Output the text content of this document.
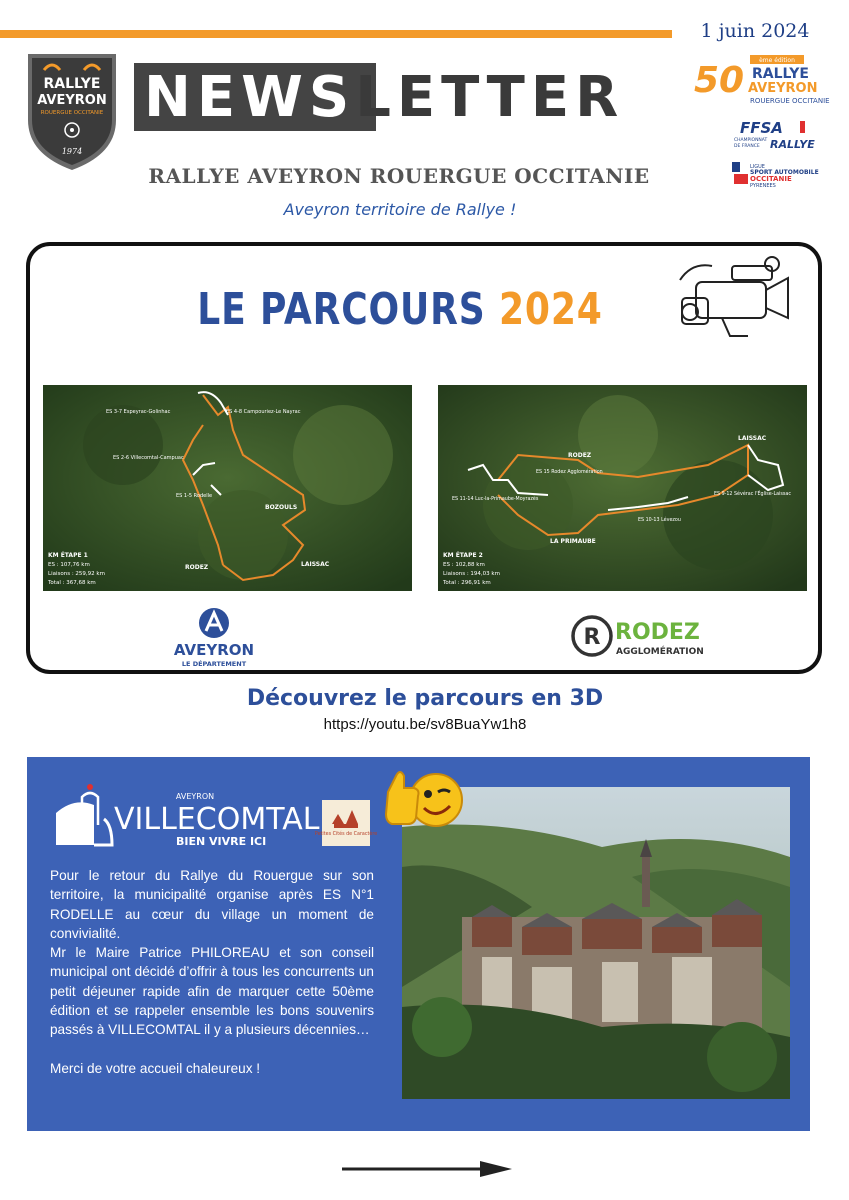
1 juin 2024
RALLYE
AVEYRON
ROUERGUE OCCITANIE
1974
NEWSLETTER
RALLYE AVEYRON ROUERGUE OCCITANIE
Aveyron territoire de Rallye !
50 ème édition
RALLYE
AVEYRON
ROUERGUE OCCITANIE
FFSA
CHAMPIONNAT
DE FRANCE RALLYE
LIGUE
SPORT AUTOMOBILE
OCCITANIE
PYRENEES
LE PARCOURS 2024
ES 3-7 Espeyrac-Golinhac	ES 4-8 Campouriez-Le Nayrac
ES 2-6 Villecomtal-Campuac
ES 1-5 Rodelle
BOZOULS
RODEZ	LAISSAC
KM ÉTAPE 1
ES : 107,76 km
Liaisons : 259,92 km
Total : 367,68 km
RODEZ
LAISSAC
LA PRIMAUBE
ES 15 Rodez Agglomération
ES 11-14 Luc-la-Primaube-Moyrazès
ES 9-12 Sévérac l'Église-Laissac
ES 10-13 Lévezou
KM ÉTAPE 2
ES : 102,88 km
Liaisons : 194,03 km
Total : 296,91 km
AVEYRON
LE DÉPARTEMENT
R RODEZ
AGGLOMÉRATION
Découvrez le parcours en 3D
https://youtu.be/sv8BuaYw1h8
AVEYRON
VILLECOMTAL
BIEN VIVRE ICI
Petites Cités de Caractère

Pour le retour du Rallye du Rouergue sur son territoire, la municipalité organise après ES N°1 RODELLE au cœur du village un moment de convivialité.

Mr le Maire Patrice PHILOREAU et son conseil municipal ont décidé d’offrir à tous les concurrents un petit déjeuner rapide afin de marquer cette 50ème édition et se rappeler ensemble les bons souvenirs passés à VILLECOMTAL il y a plusieurs décennies…

Merci de votre accueil chaleureux !
